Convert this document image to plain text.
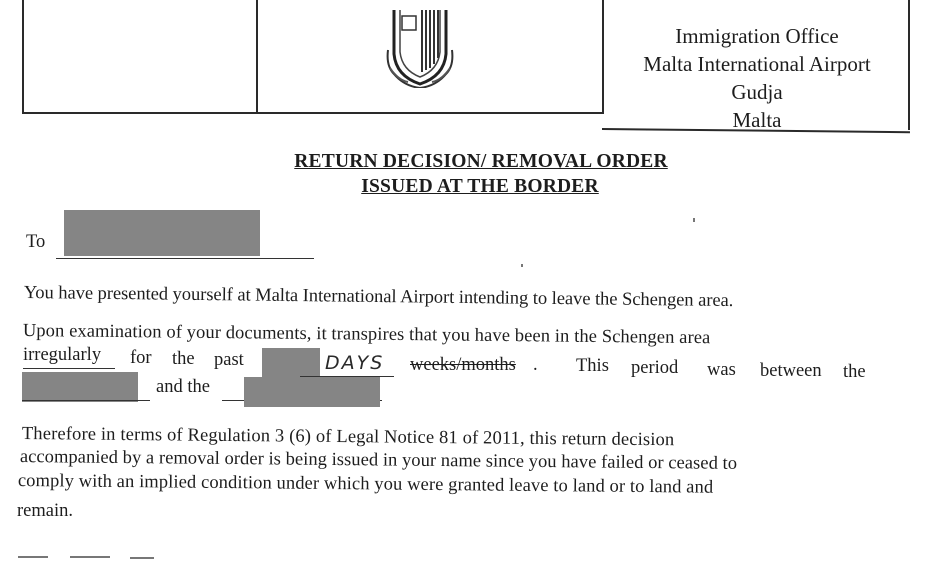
Immigration Office
Malta International Airport
Gudja
Malta
RETURN DECISION/ REMOVAL ORDER
ISSUED AT THE BORDER
To
You have presented yourself at Malta International Airport intending to leave the Schengen area.
Upon examination of your documents, it transpires that you have been in the Schengen area
irregularly for the past	DAYS weeks/months . This period was between the
and the
Therefore in terms of Regulation 3 (6) of Legal Notice 81 of 2011, this return decision
accompanied by a removal order is being issued in your name since you have failed or ceased to
comply with an implied condition under which you were granted leave to land or to land and
remain.
